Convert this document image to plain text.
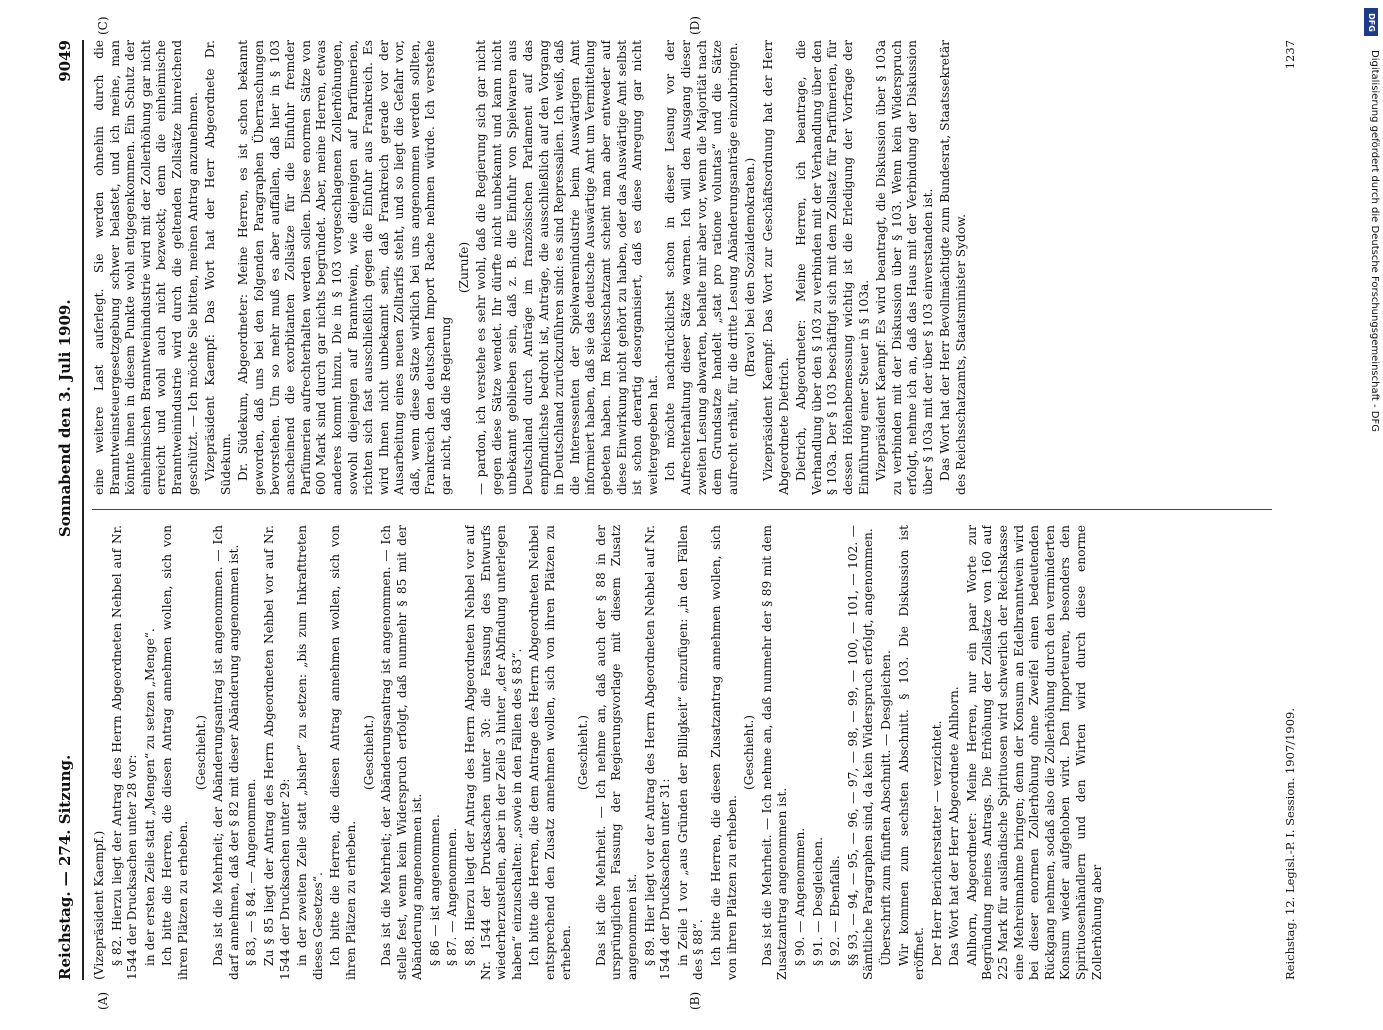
Reichstag. — 274. Sitzung.
Sonnabend den 3. Juli 1909.
9049

(Vizepräsident Kaempf.) § 82. Hierzu liegt der Antrag des Herrn Abgeordneten Nehbel auf Nr. 1544 der Drucksachen unter 28 vor: in der ersten Zeile statt „Mengen“ zu setzen „Menge“. Ich bitte die Herren, die diesen Antrag annehmen wollen, sich von ihren Plätzen zu erheben.

(Geschieht.) Das ist die Mehrheit; der Abänderungsantrag ist angenommen. — Ich darf annehmen, daß der § 82 mit dieser Abänderung angenommen ist. § 83, — § 84. — Angenommen. Zu § 85 liegt der Antrag des Herrn Abgeordneten Nehbel vor auf Nr. 1544 der Drucksachen unter 29: in der zweiten Zeile statt „bisher“ zu setzen: „bis zum Inkrafttreten dieses Gesetzes“. Ich bitte die Herren, die diesen Antrag annehmen wollen, sich von ihren Plätzen zu erheben.

(Geschieht.) Das ist die Mehrheit; der Abänderungsantrag ist angenommen. — Ich stelle fest, wenn kein Widerspruch erfolgt, daß nunmehr § 85 mit der Abänderung angenommen ist. § 86 — ist angenommen. § 87. — Angenommen. § 88. Hierzu liegt der Antrag des Herrn Abgeordneten Nehbel vor auf Nr. 1544 der Drucksachen unter 30: die Fassung des Entwurfs wiederherzustellen, aber in der Zeile 3 hinter „der Abfindung unterlegen haben“ einzuschalten: „sowie in den Fällen des § 83“. Ich bitte die Herren, die dem Antrage des Herrn Abgeordneten Nehbel entsprechend den Zusatz annehmen wollen, sich von ihren Plätzen zu erheben.

(Geschieht.) Das ist die Mehrheit. — Ich nehme an, daß auch der § 88 in der ursprünglichen Fassung der Regierungsvorlage mit diesem Zusatz angenommen ist. § 89. Hier liegt vor der Antrag des Herrn Abgeordneten Nehbel auf Nr. 1544 der Drucksachen unter 31: in Zeile 1 vor „aus Gründen der Billigkeit“ einzufügen: „in den Fällen des § 88“. Ich bitte die Herren, die diesen Zusatzantrag annehmen wollen, sich von ihren Plätzen zu erheben.

(Geschieht.) Das ist die Mehrheit. — Ich nehme an, daß nunmehr der § 89 mit dem Zusatzantrag angenommen ist. § 90. — Angenommen. § 91. — Desgleichen. § 92. — Ebenfalls. §§ 93, — 94, — 95, — 96, — 97, — 98, — 99, — 100, — 101, — 102. — Sämtliche Paragraphen sind, da kein Widerspruch erfolgt, angenommen. Überschrift zum fünften Abschnitt. — Desgleichen. Wir kommen zum sechsten Abschnitt. § 103. Die Diskussion ist eröffnet. Der Herr Berichterstatter — verzichtet. Das Wort hat der Herr Abgeordnete Ahlhorn. Ahlhorn, Abgeordneter: Meine Herren, nur ein paar Worte zur Begründung meines Antrags. Die Erhöhung der Zollsätze von 160 auf 225 Mark für ausländische Spirituosen wird schwerlich der Reichskasse eine Mehreinnahme bringen; denn der Konsum an Edelbranntwein wird bei dieser enormen Zollerhöhung ohne Zweifel einen bedeutenden Rückgang nehmen, sodaß also die Zollerhöhung durch den verminderten Konsum wieder aufgehoben wird. Den Importeuren, besonders den Spirituosenhändlern und den Wirten wird durch diese enorme Zollerhöhung aber

(A)	(B)

eine weitere Last auferlegt. Sie werden ohnehin durch die Branntweinsteuergesetzgebung schwer belastet, und ich meine, man könnte ihnen in diesem Punkte wohl entgegenkommen. Ein Schutz der einheimischen Branntweinindustrie wird mit der Zollerhöhung gar nicht erreicht und wohl auch nicht bezweckt; denn die einheimische Branntweinindustrie wird durch die geltenden Zollsätze hinreichend geschützt. — Ich möchte Sie bitten, meinen Antrag anzunehmen. Vizepräsident Kaempf: Das Wort hat der Herr Abgeordnete Dr. Südekum. Dr. Südekum, Abgeordneter: Meine Herren, es ist schon bekannt geworden, daß uns bei den folgenden Paragraphen Überraschungen bevorstehen. Um so mehr muß es aber auffallen, daß hier in § 103 anscheinend die exorbitanten Zollsätze für die Einfuhr fremder Parfümerien aufrechterhalten werden sollen. Diese enormen Sätze von 600 Mark sind durch gar nichts begründet. Aber, meine Herren, etwas anderes kommt hinzu. Die in § 103 vorgeschlagenen Zollerhöhungen, sowohl diejenigen auf Branntwein, wie diejenigen auf Parfümerien, richten sich fast ausschließlich gegen die Einfuhr aus Frankreich. Es wird Ihnen nicht unbekannt sein, daß Frankreich gerade vor der Ausarbeitung eines neuen Zolltarifs steht, und so liegt die Gefahr vor, daß, wenn diese Sätze wirklich bei uns angenommen werden sollten, Frankreich den deutschen Import Rache nehmen würde. Ich verstehe gar nicht, daß die Regierung

(Zurufe) — pardon, ich verstehe es sehr wohl, daß die Regierung sich gar nicht gegen diese Sätze wendet. Ihr dürfte nicht unbekannt und kann nicht unbekannt geblieben sein, daß z. B. die Einfuhr von Spielwaren aus Deutschland durch Anträge im französischen Parlament auf das empfindlichste bedroht ist, Anträge, die ausschließlich auf den Vorgang in Deutschland zurückzuführen sind: es sind Repressalien. Ich weiß, daß die Interessenten der Spielwarenindustrie beim Auswärtigen Amt informiert haben, daß sie das deutsche Auswärtige Amt um Vermittelung gebeten haben. Im Reichsschatzamt scheint man aber entweder auf diese Einwirkung nicht gehört zu haben, oder das Auswärtige Amt selbst ist schon derartig desorganisiert, daß es diese Anregung gar nicht weitergegeben hat. Ich möchte nachdrücklichst schon in dieser Lesung vor der Aufrechterhaltung dieser Sätze warnen. Ich will den Ausgang dieser zweiten Lesung abwarten, behalte mir aber vor, wenn die Majorität nach dem Grundsatze handelt „stat pro ratione voluntas“ und die Sätze aufrecht erhält, für die dritte Lesung Abänderungsanträge einzubringen. (Bravo! bei den Sozialdemokraten.) Vizepräsident Kaempf: Das Wort zur Geschäftsordnung hat der Herr Abgeordnete Dietrich. Dietrich, Abgeordneter: Meine Herren, ich beantrage, die Verhandlung über den § 103 zu verbinden mit der Verhandlung über den § 103a. Der § 103 beschäftigt sich mit dem Zollsatz für Parfümerien, für dessen Höhenbemessung wichtig ist die Erledigung der Vorfrage der Einführung einer Steuer in § 103a. Vizepräsident Kaempf: Es wird beantragt, die Diskussion über § 103a zu verbinden mit der Diskussion über § 103. Wenn kein Widerspruch erfolgt, nehme ich an, daß das Haus mit der Verbindung der Diskussion über § 103a mit der über § 103 einverstanden ist. Das Wort hat der Herr Bevollmächtigte zum Bundesrat, Staatssekretär des Reichsschatzamts, Staatsminister Sydow.

(C)	(D)
Reichstag. 12. Legisl.-P. I. Session. 1907/1909.
1237
DFG
Digitalisierung gefördert durch die Deutsche Forschungsgemeinschaft - DFG
